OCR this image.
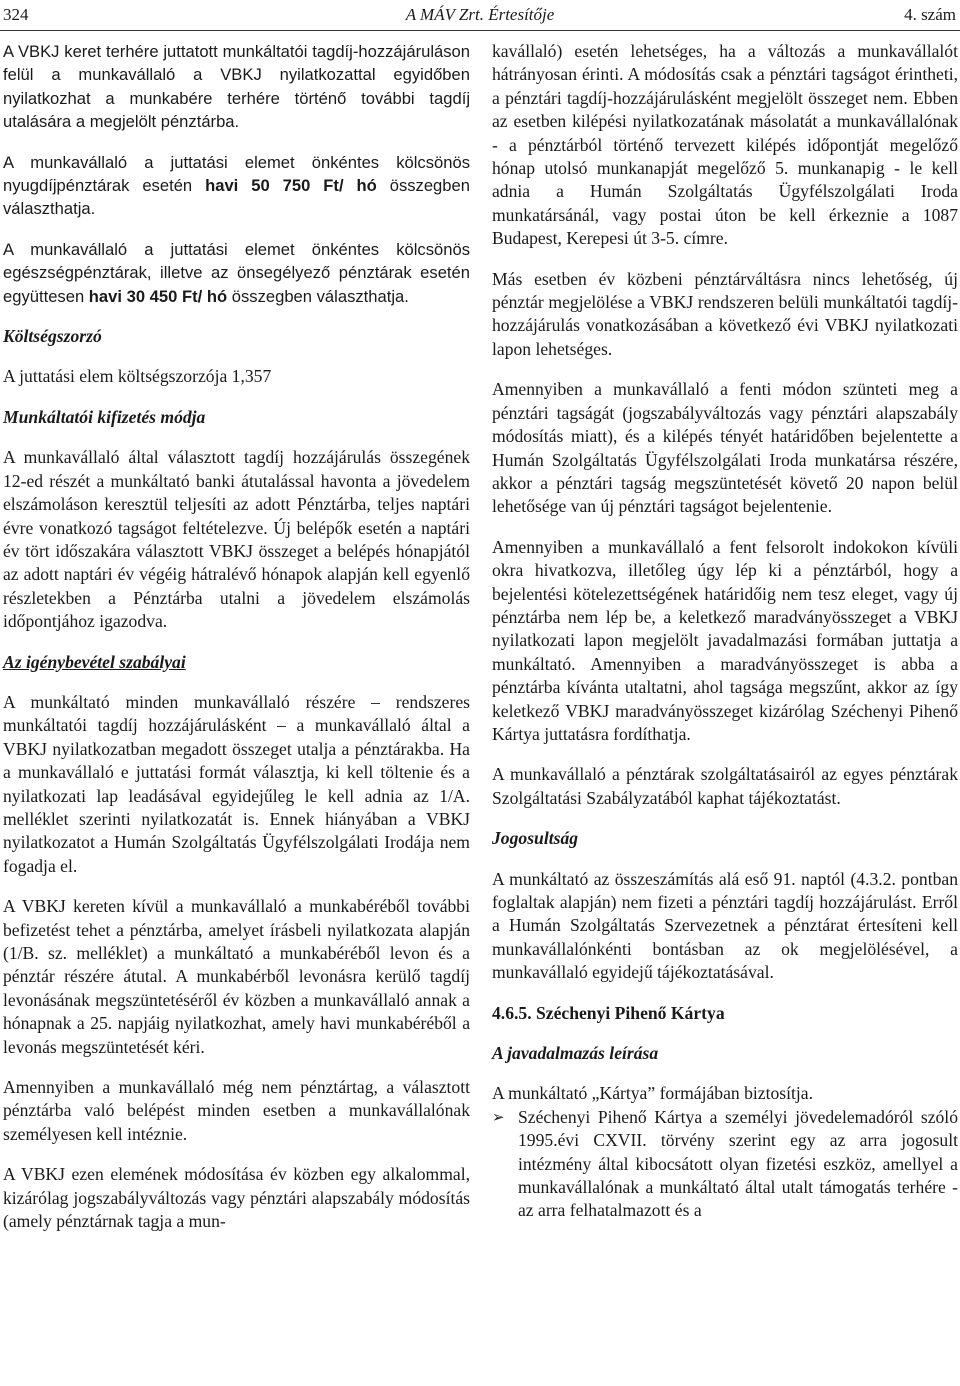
324	A MÁV Zrt. Értesítője	4. szám

A VBKJ keret terhére juttatott munkáltatói tagdíj-hozzájáruláson felül a munkavállaló a VBKJ nyilatkozattal egyidőben nyilatkozhat a munkabére terhére történő további tagdíj utalására a megjelölt pénztárba.

A munkavállaló a juttatási elemet önkéntes kölcsönös nyugdíjpénztárak esetén havi 50 750 Ft/ hó összegben választhatja.

A munkavállaló a juttatási elemet önkéntes kölcsönös egészségpénztárak, illetve az önsegélyező pénztárak esetén együttesen havi 30 450 Ft/ hó összegben választhatja.

Költségszorzó

A juttatási elem költségszorzója 1,357

Munkáltatói kifizetés módja

A munkavállaló által választott tagdíj hozzájárulás összegének 12-ed részét a munkáltató banki átutalással havonta a jövedelem elszámoláson keresztül teljesíti az adott Pénztárba, teljes naptári évre vonatkozó tagságot feltételezve. Új belépők esetén a naptári év tört időszakára választott VBKJ összeget a belépés hónapjától az adott naptári év végéig hátralévő hónapok alapján kell egyenlő részletekben a Pénztárba utalni a jövedelem elszámolás időpontjához igazodva.

Az igénybevétel szabályai

A munkáltató minden munkavállaló részére – rendszeres munkáltatói tagdíj hozzájárulásként – a munkavállaló által a VBKJ nyilatkozatban megadott összeget utalja a pénztárakba. Ha a munkavállaló e juttatási formát választja, ki kell töltenie és a nyilatkozati lap leadásával egyidejűleg le kell adnia az 1/A. melléklet szerinti nyilatkozatát is. Ennek hiányában a VBKJ nyilatkozatot a Humán Szolgáltatás Ügyfélszolgálati Irodája nem fogadja el.

A VBKJ kereten kívül a munkavállaló a munkabéréből további befizetést tehet a pénztárba, amelyet írásbeli nyilatkozata alapján (1/B. sz. melléklet) a munkáltató a munkabéréből levon és a pénztár részére átutal. A munkabérből levonásra kerülő tagdíj levonásának megszüntetéséről év közben a munkavállaló annak a hónapnak a 25. napjáig nyilatkozhat, amely havi munkabéréből a levonás megszüntetését kéri.

Amennyiben a munkavállaló még nem pénztártag, a választott pénztárba való belépést minden esetben a munkavállalónak személyesen kell intéznie.

A VBKJ ezen elemének módosítása év közben egy alkalommal, kizárólag jogszabályváltozás vagy pénztári alapszabály módosítás (amely pénztárnak tagja a mun-

kavállaló) esetén lehetséges, ha a változás a munkavállalót hátrányosan érinti. A módosítás csak a pénztári tagságot érintheti, a pénztári tagdíj-hozzájárulásként megjelölt összeget nem. Ebben az esetben kilépési nyilatkozatának másolatát a munkavállalónak - a pénztárból történő tervezett kilépés időpontját megelőző hónap utolsó munkanapját megelőző 5. munkanapig - le kell adnia a Humán Szolgáltatás Ügyfélszolgálati Iroda munkatársánál, vagy postai úton be kell érkeznie a 1087 Budapest, Kerepesi út 3-5. címre.

Más esetben év közbeni pénztárváltásra nincs lehetőség, új pénztár megjelölése a VBKJ rendszeren belüli munkáltatói tagdíj-hozzájárulás vonatkozásában a következő évi VBKJ nyilatkozati lapon lehetséges.

Amennyiben a munkavállaló a fenti módon szünteti meg a pénztári tagságát (jogszabályváltozás vagy pénztári alapszabály módosítás miatt), és a kilépés tényét határidőben bejelentette a Humán Szolgáltatás Ügyfélszolgálati Iroda munkatársa részére, akkor a pénztári tagság megszüntetését követő 20 napon belül lehetősége van új pénztári tagságot bejelentenie.

Amennyiben a munkavállaló a fent felsorolt indokokon kívüli okra hivatkozva, illetőleg úgy lép ki a pénztárból, hogy a bejelentési kötelezettségének határidőig nem tesz eleget, vagy új pénztárba nem lép be, a keletkező maradványösszeget a VBKJ nyilatkozati lapon megjelölt javadalmazási formában juttatja a munkáltató. Amennyiben a maradványösszeget is abba a pénztárba kívánta utaltatni, ahol tagsága megszűnt, akkor az így keletkező VBKJ maradványösszeget kizárólag Széchenyi Pihenő Kártya juttatásra fordíthatja.

A munkavállaló a pénztárak szolgáltatásairól az egyes pénztárak Szolgáltatási Szabályzatából kaphat tájékoztatást.

Jogosultság

A munkáltató az összeszámítás alá eső 91. naptól (4.3.2. pontban foglaltak alapján) nem fizeti a pénztári tagdíj hozzájárulást. Erről a Humán Szolgáltatás Szervezetnek a pénztárat értesíteni kell munkavállalónkénti bontásban az ok megjelölésével, a munkavállaló egyidejű tájékoztatásával.

4.6.5. Széchenyi Pihenő Kártya
A javadalmazás leírása

A munkáltató „Kártya” formájában biztosítja.

➢ Széchenyi Pihenő Kártya a személyi jövedelemadóról szóló 1995.évi CXVII. törvény szerint egy az arra jogosult intézmény által kibocsátott olyan fizetési eszköz, amellyel a munkavállalónak a munkáltató által utalt támogatás terhére - az arra felhatalmazott és a
